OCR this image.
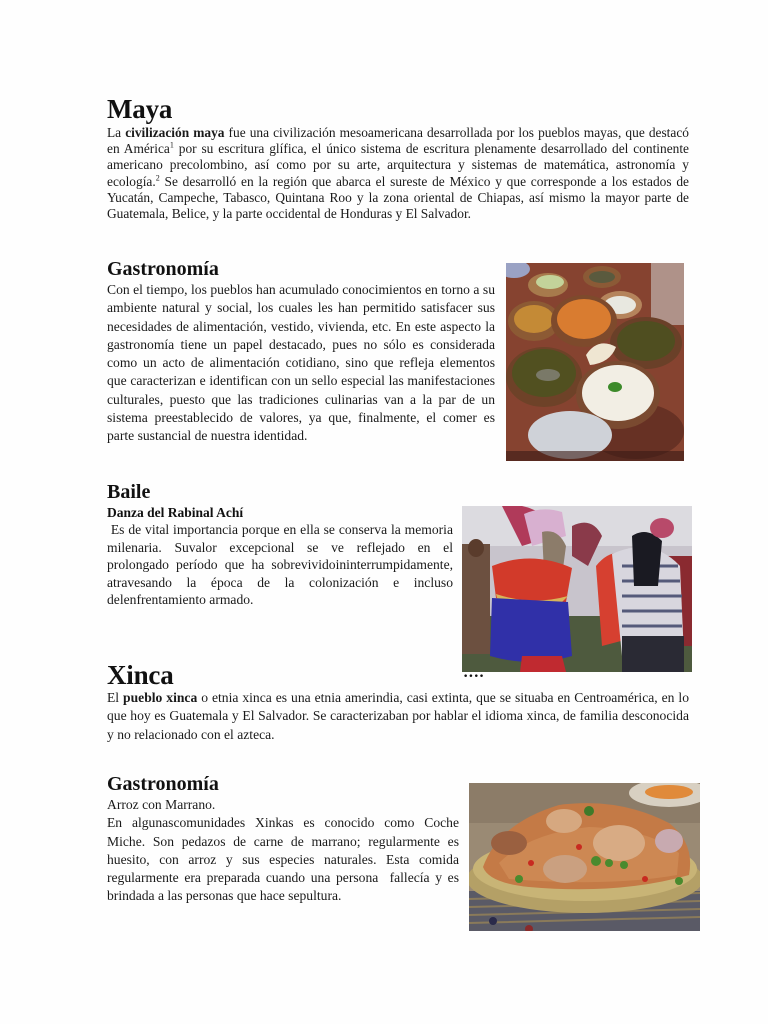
Maya

La civilización maya fue una civilización mesoamericana desarrollada por los pueblos mayas, que destacó en América$^1$ por su escritura glífica, el único sistema de escritura plenamente desarrollado del continente americano precolombino, así como por su arte, arquitectura y sistemas de matemática, astronomía y ecología.$^2$ Se desarrolló en la región que abarca el sureste de México y que corresponde a los estados de Yucatán, Campeche, Tabasco, Quintana Roo y la zona oriental de Chiapas, así mismo la mayor parte de Guatemala, Belice, y la parte occidental de Honduras y El Salvador.

Gastronomía

Con el tiempo, los pueblos han acumulado conocimientos en torno a su ambiente natural y social, los cuales les han permitido satisfacer sus necesidades de alimentación, vestido, vivienda, etc. En este aspecto la gastronomía tiene un papel destacado, pues no sólo es considerada como un acto de alimentación cotidiano, sino que refleja elementos que caracterizan e identifican con un sello especial las manifestaciones culturales, puesto que las tradiciones culinarias van a la par de un sistema preestablecido de valores, ya que, finalmente, el comer es parte sustancial de nuestra identidad.

Baile
Danza del Rabinal Achí

Es de vital importancia porque en ella se conserva la memoria milenaria. Suvalor excepcional se ve reflejado en el prolongado período que ha sobrevividoininterrumpidamente, atravesando la época de la colonización e incluso delenfrentamiento armado.

••••
Xinca

El pueblo xinca o etnia xinca es una etnia amerindia, casi extinta, que se situaba en Centroamérica, en lo que hoy es Guatemala y El Salvador. Se caracterizaban por hablar el idioma xinca, de familia desconocida y no relacionado con el azteca.

Gastronomía

Arroz con Marrano.

En algunascomunidades Xinkas es conocido como Coche Miche. Son pedazos de carne de marrano; regularmente es huesito, con arroz y sus especies naturales. Esta comida regularmente era preparada cuando una persona  fallecía y es brindada a las personas que hace sepultura.
